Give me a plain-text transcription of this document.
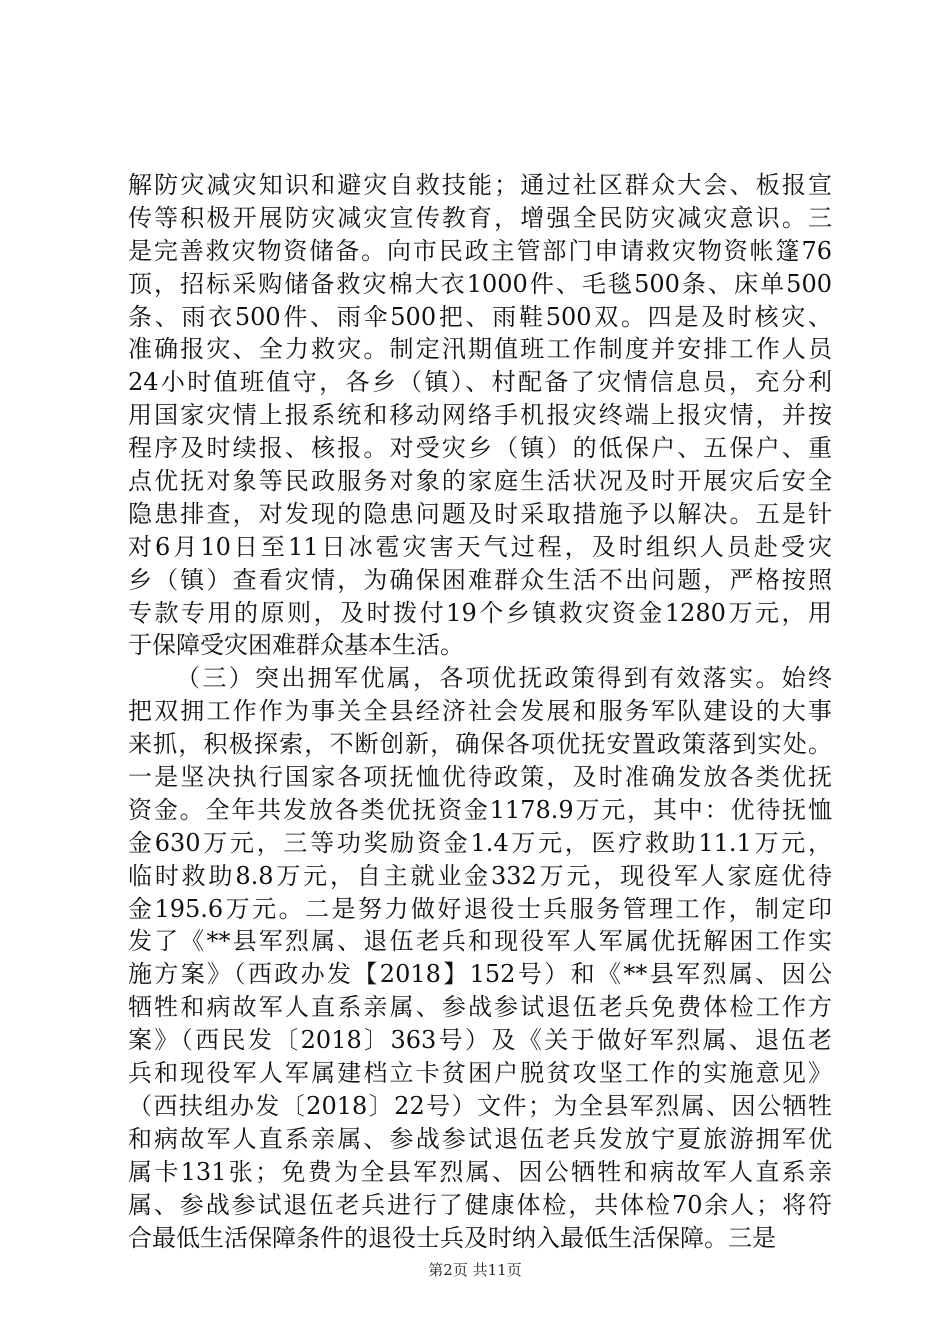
解防灾减灾知识和避灾自救技能；通过社区群众大会、板报宣
传等积极开展防灾减灾宣传教育，增强全民防灾减灾意识。三
是完善救灾物资储备。向市民政主管部门申请救灾物资帐篷76
顶，招标采购储备救灾棉大衣1000件、毛毯500条、床单500
条、雨衣500件、雨伞500把、雨鞋500双。四是及时核灾、
准确报灾、全力救灾。制定汛期值班工作制度并安排工作人员
24小时值班值守，各乡（镇）、村配备了灾情信息员，充分利
用国家灾情上报系统和移动网络手机报灾终端上报灾情，并按
程序及时续报、核报。对受灾乡（镇）的低保户、五保户、重
点优抚对象等民政服务对象的家庭生活状况及时开展灾后安全
隐患排查，对发现的隐患问题及时采取措施予以解决。五是针
对6月10日至11日冰雹灾害天气过程，及时组织人员赴受灾
乡（镇）查看灾情，为确保困难群众生活不出问题，严格按照
专款专用的原则，及时拨付19个乡镇救灾资金1280万元，用
于保障受灾困难群众基本生活。
（三）突出拥军优属，各项优抚政策得到有效落实。始终
把双拥工作作为事关全县经济社会发展和服务军队建设的大事
来抓，积极探索，不断创新，确保各项优抚安置政策落到实处。
一是坚决执行国家各项抚恤优待政策，及时准确发放各类优抚
资金。全年共发放各类优抚资金1178.9万元，其中：优待抚恤
金630万元，三等功奖励资金1.4万元，医疗救助11.1万元，
临时救助8.8万元，自主就业金332万元，现役军人家庭优待
金195.6万元。二是努力做好退役士兵服务管理工作，制定印
发了《**县军烈属、退伍老兵和现役军人军属优抚解困工作实
施方案》（西政办发【2018】152号）和《**县军烈属、因公
牺牲和病故军人直系亲属、参战参试退伍老兵免费体检工作方
案》（西民发〔2018〕363号）及《关于做好军烈属、退伍老
兵和现役军人军属建档立卡贫困户脱贫攻坚工作的实施意见》
（西扶组办发〔2018〕22号）文件；为全县军烈属、因公牺牲
和病故军人直系亲属、参战参试退伍老兵发放宁夏旅游拥军优
属卡131张；免费为全县军烈属、因公牺牲和病故军人直系亲
属、参战参试退伍老兵进行了健康体检，共体检70余人；将符
合最低生活保障条件的退役士兵及时纳入最低生活保障。三是
第2页 共11页
